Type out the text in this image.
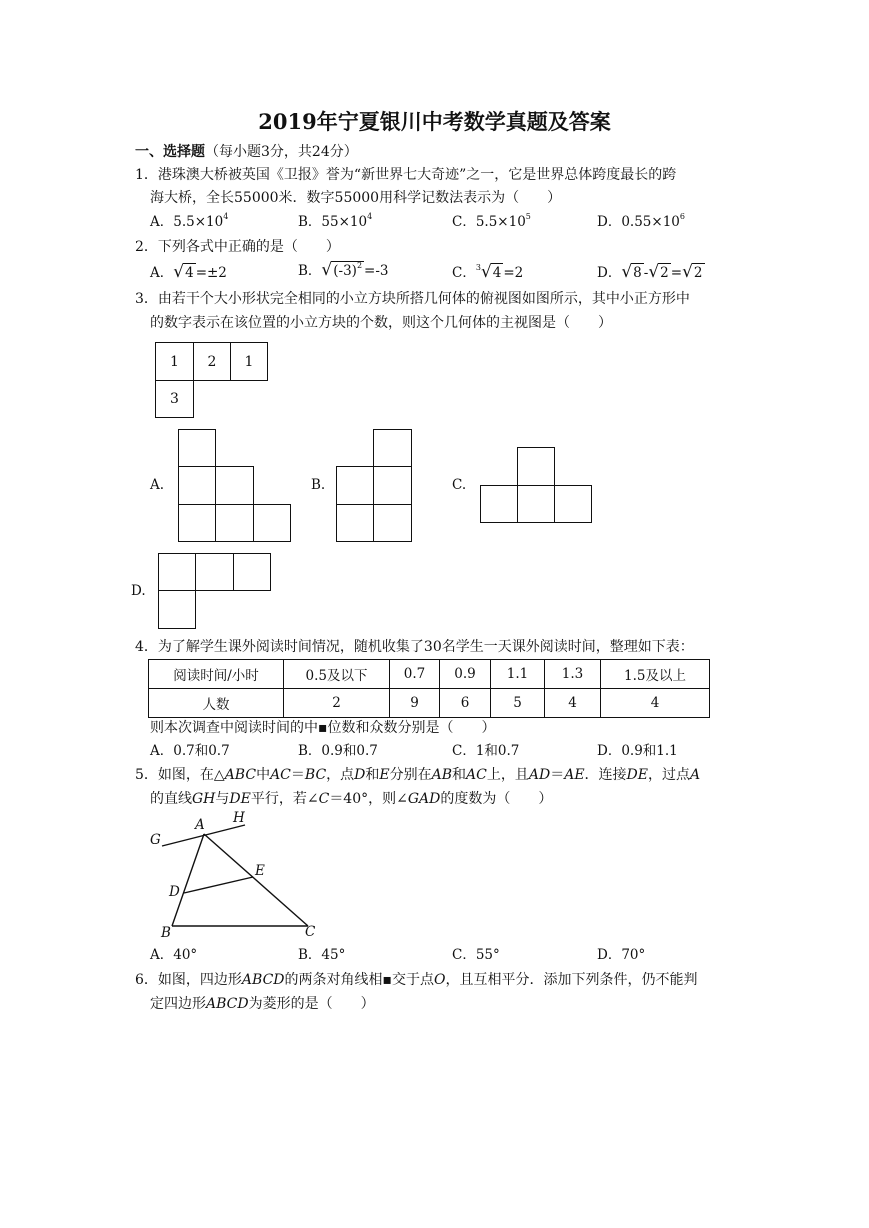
2019年宁夏银川中考数学真题及答案
一、选择题（每小题3分，共24分）
1．港珠澳大桥被英国《卫报》誉为“新世界七大奇迹”之一，它是世界总体跨度最长的跨
海大桥，全长55000米．数字55000用科学记数法表示为（　　）
A．$5.5\times 10^4$	B．$55\times 10^4$	C．$5.5\times 10^5$	D．$0.55\times 10^6$
2．下列各式中正确的是（　　）
A．√4 =±2	B．$√(-3)^2 =-3$	C．$^3$√4 =2	D．√8 -√2 =√2
3．由若干个大小形状完全相同的小立方块所搭几何体的俯视图如图所示，其中小正方形中
的数字表示在该位置的小立方块的个数，则这个几何体的主视图是（　　）
1	2	1
3
A.	B.	C.
D.
4．为了解学生课外阅读时间情况，随机收集了30名学生一天课外阅读时间，整理如下表：
阅读时间/小时	0.5及以下	0.7	0.9	1.1	1.3	1.5及以上
人数	2	9	6	5	4	4
则本次调查中阅读时间的中▪位数和众数分别是（　　）
A．0.7和0.7	B．0.9和0.7	C．1和0.7	D．0.9和1.1
5．如图，在△ABC中AC＝BC，点D和E分别在AB和AC上，且AD＝AE．连接DE，过点A
的直线GH与DE平行，若∠C＝40°，则∠GAD的度数为（　　）
G
A H
E
D
B	C
A．40°	B．45°	C．55°	D．70°
6．如图，四边形ABCD的两条对角线相▪交于点O，且互相平分．添加下列条件，仍不能判
定四边形ABCD为菱形的是（　　）
